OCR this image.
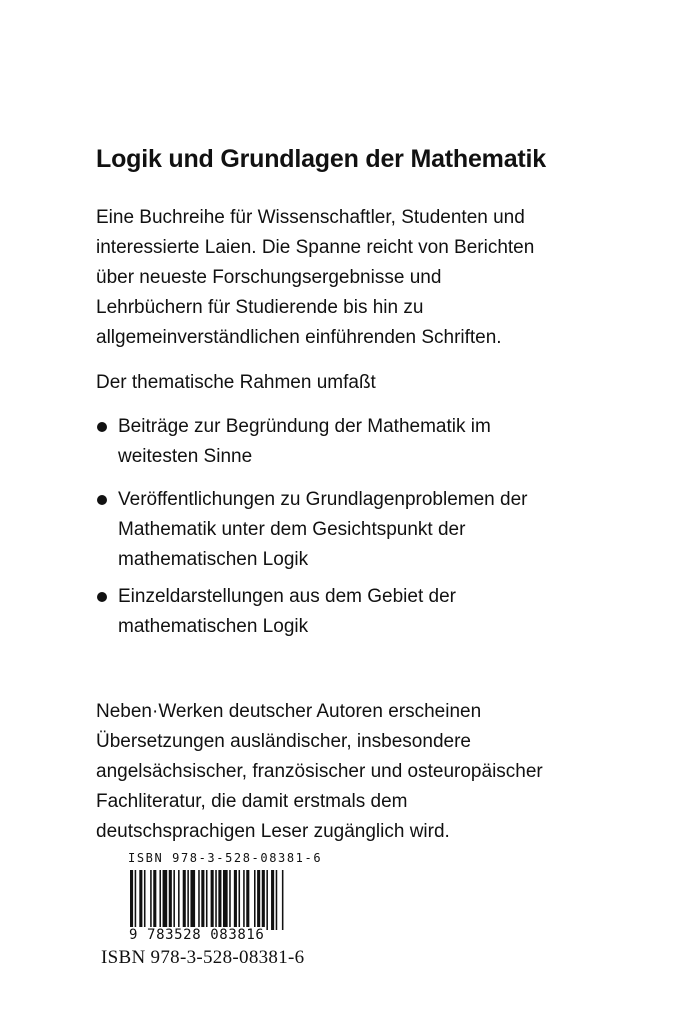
Logik und Grundlagen der Mathematik
Eine Buchreihe für Wissenschaftler, Studenten und
interessierte Laien. Die Spanne reicht von Berichten
über neueste Forschungsergebnisse und
Lehrbüchern für Studierende bis hin zu
allgemeinverständlichen einführenden Schriften.
Der thematische Rahmen umfaßt
Beiträge zur Begründung der Mathematik im
weitesten Sinne
Veröffentlichungen zu Grundlagenproblemen der
Mathematik unter dem Gesichtspunkt der
mathematischen Logik
Einzeldarstellungen aus dem Gebiet der
mathematischen Logik
Neben·Werken deutscher Autoren erscheinen
Übersetzungen ausländischer, insbesondere
angelsächsischer, französischer und osteuropäischer
Fachliteratur, die damit erstmals dem
deutschsprachigen Leser zugänglich wird.
ISBN 978-3-528-08381-6
9 783528 083816
ISBN 978-3-528-08381-6
